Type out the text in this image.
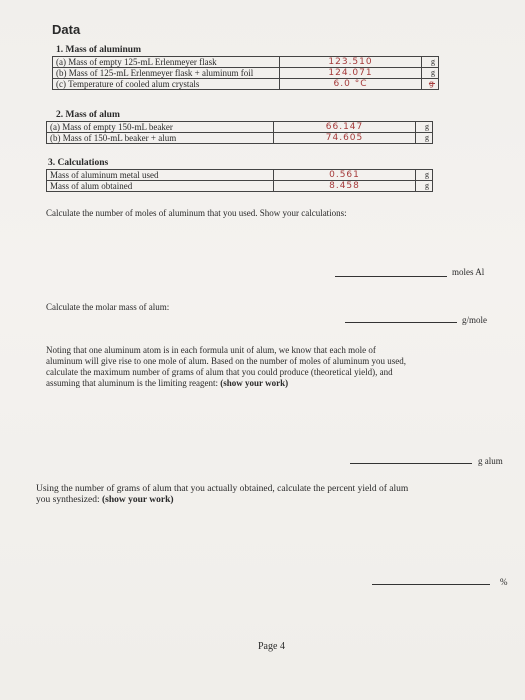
Data
1. Mass of aluminum
(a) Mass of empty 125-mL Erlenmeyer flask	123.510	g
(b) Mass of 125-mL Erlenmeyer flask + aluminum foil	124.071	g
(c) Temperature of cooled alum crystals	6.0 °C	g
2. Mass of alum
(a) Mass of empty 150-mL beaker	66.147	g
(b) Mass of 150-mL beaker + alum	74.605	g
3. Calculations
Mass of aluminum metal used	0.561	g
Mass of alum obtained	8.458	g
Calculate the number of moles of aluminum that you used. Show your calculations:
moles Al
Calculate the molar mass of alum:
g/mole
Noting that one aluminum atom is in each formula unit of alum, we know that each mole of
aluminum will give rise to one mole of alum. Based on the number of moles of aluminum you used,
calculate the maximum number of grams of alum that you could produce (theoretical yield), and
assuming that aluminum is the limiting reagent: (show your work)
g alum
Using the number of grams of alum that you actually obtained, calculate the percent yield of alum
you synthesized: (show your work)
%
Page 4
